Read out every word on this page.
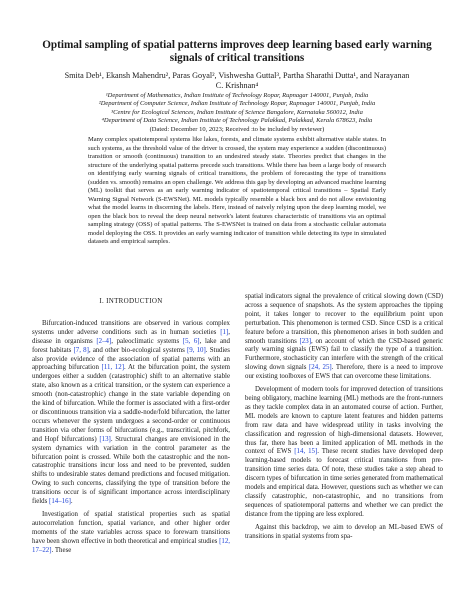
Optimal sampling of spatial patterns improves deep learning based early warning signals of critical transitions
Smita Deb¹, Ekansh Mahendru², Paras Goyal², Vishwesha Guttal³, Partha Sharathi Dutta¹, and Narayanan C. Krishnan⁴
¹Department of Mathematics, Indian Institute of Technology Ropar, Rupnagar 140001, Punjab, India
²Department of Computer Science, Indian Institute of Technology Ropar, Rupnagar 140001, Punjab, India
³Centre for Ecological Sciences, Indian Institute of Science Bangalore, Karnataka 560012, India
⁴Department of Data Science, Indian Institute of Technology Palakkad, Palakkad, Kerala 678623, India
(Dated: December 10, 2023; Received :to be included by reviewer)
Many complex spatiotemporal systems like lakes, forests, and climate systems exhibit alternative stable states. In such systems, as the threshold value of the driver is crossed, the system may experience a sudden (discontinuous) transition or smooth (continuous) transition to an undesired steady state. Theories predict that changes in the structure of the underlying spatial patterns precede such transitions. While there has been a large body of research on identifying early warning signals of critical transitions, the problem of forecasting the type of transitions (sudden vs. smooth) remains an open challenge. We address this gap by developing an advanced machine learning (ML) toolkit that serves as an early warning indicator of spatiotemporal critical transitions – Spatial Early Warning Signal Network (S-EWSNet). ML models typically resemble a black box and do not allow envisioning what the model learns in discerning the labels. Here, instead of naively relying upon the deep learning model, we open the black box to reveal the deep neural network's latent features characteristic of transitions via an optimal sampling strategy (OSS) of spatial patterns. The S-EWSNet is trained on data from a stochastic cellular automata model deploying the OSS. It provides an early warning indicator of transition while detecting its type in simulated datasets and empirical samples.
I. INTRODUCTION

Bifurcation-induced transitions are observed in various complex systems under adverse conditions such as in human societies [1], disease in organisms [2–4], paleoclimatic systems [5, 6], lake and forest habitats [7, 8], and other bio-ecological systems [9, 10]. Studies also provide evidence of the association of spatial patterns with an approaching bifurcation [11, 12]. At the bifurcation point, the system undergoes either a sudden (catastrophic) shift to an alternative stable state, also known as a critical transition, or the system can experience a smooth (non-catastrophic) change in the state variable depending on the kind of bifurcation. While the former is associated with a first-order or discontinuous transition via a saddle-node/fold bifurcation, the latter occurs whenever the system undergoes a second-order or continuous transition via other forms of bifurcations (e.g., transcritical, pitchfork, and Hopf bifurcations) [13]. Structural changes are envisioned in the system dynamics with variation in the control parameter as the bifurcation point is crossed. While both the catastrophic and the non-catastrophic transitions incur loss and need to be prevented, sudden shifts to undesirable states demand predictions and focused mitigation. Owing to such concerns, classifying the type of transition before the transitions occur is of significant importance across interdisciplinary fields [14–16].

Investigation of spatial statistical properties such as spatial autocorrelation function, spatial variance, and other higher order moments of the state variables across space to forewarn transitions have been shown effective in both theoretical and empirical studies [12, 17–22]. These

spatial indicators signal the prevalence of critical slowing down (CSD) across a sequence of snapshots. As the system approaches the tipping point, it takes longer to recover to the equilibrium point upon perturbation. This phenomenon is termed CSD. Since CSD is a critical feature before a transition, this phenomenon arises in both sudden and smooth transitions [23], on account of which the CSD-based generic early warning signals (EWS) fail to classify the type of a transition. Furthermore, stochasticity can interfere with the strength of the critical slowing down signals [24, 25]. Therefore, there is a need to improve our existing toolboxes of EWS that can overcome these limitations.

Development of modern tools for improved detection of transitions being obligatory, machine learning (ML) methods are the front-runners as they tackle complex data in an automated course of action. Further, ML models are known to capture latent features and hidden patterns from raw data and have widespread utility in tasks involving the classification and regression of high-dimensional datasets. However, thus far, there has been a limited application of ML methods in the context of EWS [14, 15]. These recent studies have developed deep learning-based models to forecast critical transitions from pre-transition time series data. Of note, these studies take a step ahead to discern types of bifurcation in time series generated from mathematical models and empirical data. However, questions such as whether we can classify catastrophic, non-catastrophic, and no transitions from sequences of spatiotemporal patterns and whether we can predict the distance from the tipping are less explored.

Against this backdrop, we aim to develop an ML-based EWS of transitions in spatial systems from spa-
